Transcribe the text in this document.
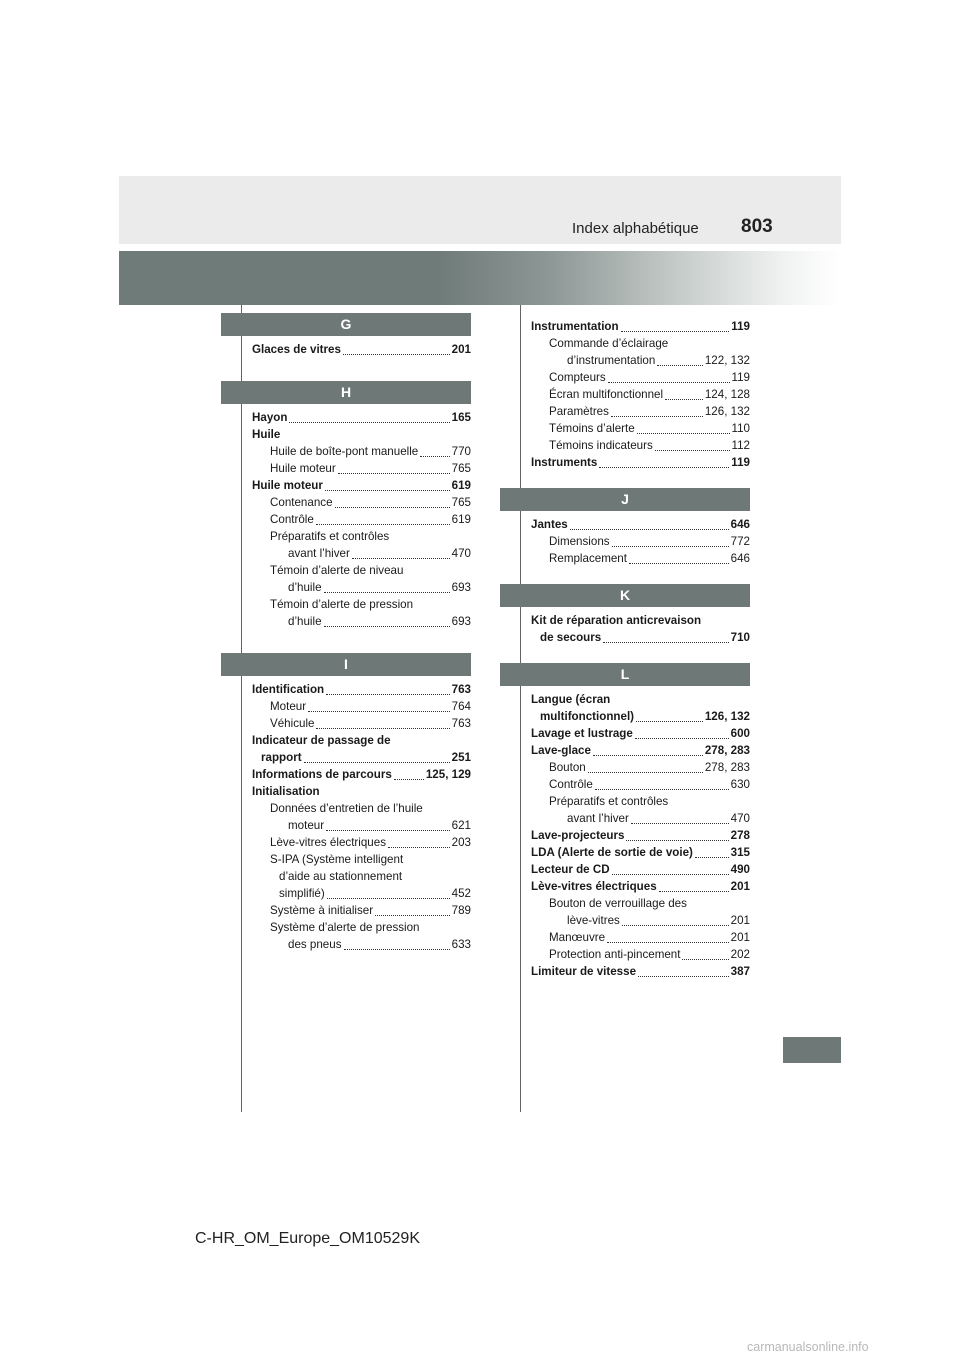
Index alphabétique 803
G
Glaces de vitres	201
H
Hayon	165
Huile
Huile de boîte-pont manuelle	770
Huile moteur	765
Huile moteur	619
Contenance	765
Contrôle	619
Préparatifs et contrôles
avant l’hiver	470
Témoin d’alerte de niveau
d’huile	693
Témoin d’alerte de pression
d’huile	693
I
Identification	763
Moteur	764
Véhicule	763
Indicateur de passage de
rapport	251
Informations de parcours	125, 129
Initialisation
Données d’entretien de l’huile
moteur	621
Lève-vitres électriques	203
S-IPA (Système intelligent
d’aide au stationnement
simplifié)	452
Système à initialiser	789
Système d’alerte de pression
des pneus	633
Instrumentation	119
Commande d’éclairage
d’instrumentation	122, 132
Compteurs	119
Écran multifonctionnel	124, 128
Paramètres	126, 132
Témoins d’alerte	110
Témoins indicateurs	112
Instruments	119
J
Jantes	646
Dimensions	772
Remplacement	646
K
Kit de réparation anticrevaison
de secours	710
L
Langue (écran
multifonctionnel)	126, 132
Lavage et lustrage	600
Lave-glace	278, 283
Bouton	278, 283
Contrôle	630
Préparatifs et contrôles
avant l’hiver	470
Lave-projecteurs	278
LDA (Alerte de sortie de voie)	315
Lecteur de CD	490
Lève-vitres électriques	201
Bouton de verrouillage des
lève-vitres	201
Manœuvre	201
Protection anti-pincement	202
Limiteur de vitesse	387
C-HR_OM_Europe_OM10529K
carmanualsonline.info
